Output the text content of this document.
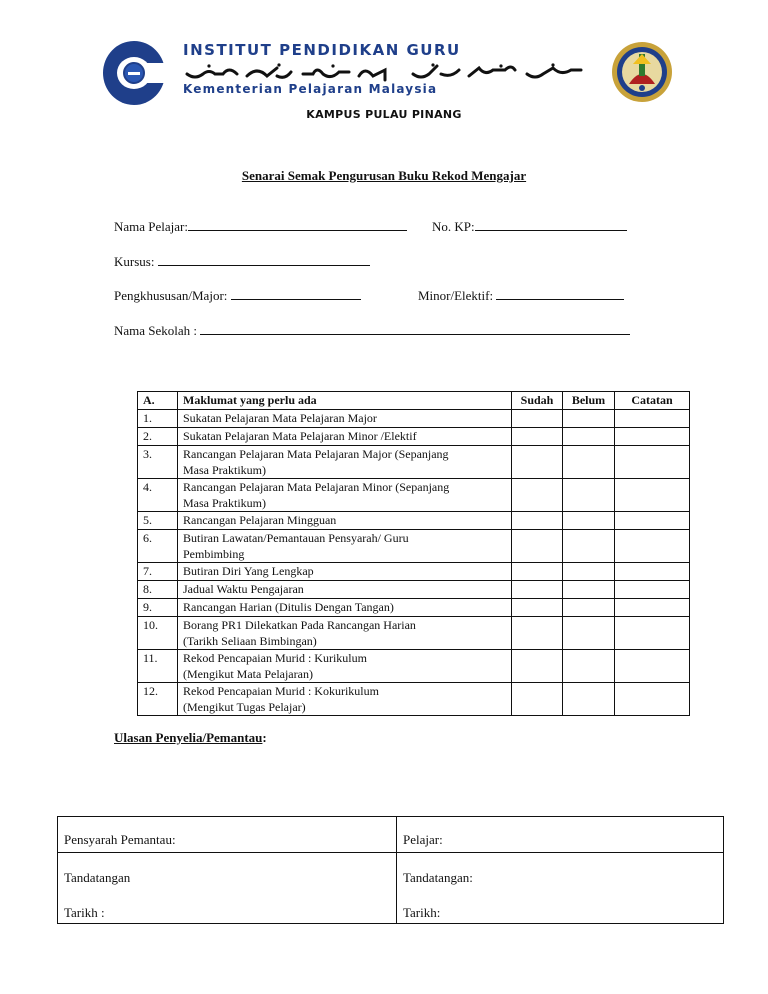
INSTITUT PENDIDIKAN GURU
Kementerian Pelajaran Malaysia
KAMPUS PULAU PINANG
Senarai Semak Pengurusan Buku Rekod Mengajar
Nama Pelajar:	No. KP:
Kursus:
Pengkhususan/Major:	Minor/Elektif:
Nama Sekolah :
A.	Maklumat yang perlu ada	Sudah	Belum	Catatan
1.	Sukatan Pelajaran Mata Pelajaran Major			
2.	Sukatan Pelajaran Mata Pelajaran Minor /Elektif			
3.	Rancangan Pelajaran Mata Pelajaran Major (Sepanjang
Masa Praktikum)			
4.	Rancangan Pelajaran Mata Pelajaran Minor (Sepanjang
Masa Praktikum)			
5.	Rancangan Pelajaran Mingguan			
6.	Butiran Lawatan/Pemantauan Pensyarah/ Guru
Pembimbing			
7.	Butiran Diri Yang Lengkap			
8.	Jadual Waktu Pengajaran			
9.	Rancangan Harian (Ditulis Dengan Tangan)			
10.	Borang PR1 Dilekatkan Pada Rancangan Harian
(Tarikh Seliaan Bimbingan)			
11.	Rekod Pencapaian Murid : Kurikulum
(Mengikut Mata Pelajaran)			
12.	Rekod Pencapaian Murid : Kokurikulum
(Mengikut Tugas Pelajar)			
Ulasan Penyelia/Pemantau:
Pensyarah Pemantau:	Pelajar:
Tandatangan	Tandatangan:
Tarikh :	Tarikh:
